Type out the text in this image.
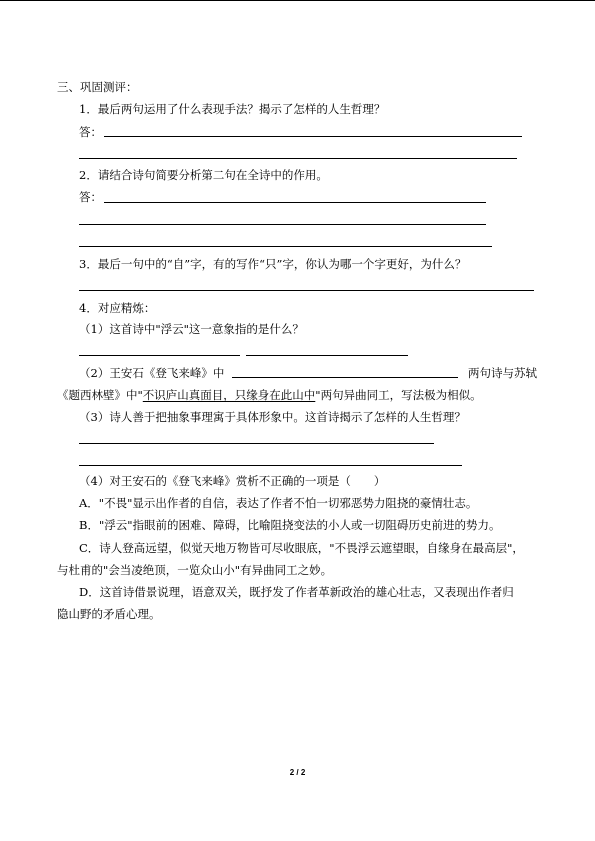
三、巩固测评：
1．最后两句运用了什么表现手法？揭示了怎样的人生哲理？
答：
2．请结合诗句简要分析第二句在全诗中的作用。
答：
3．最后一句中的“自”字，有的写作“只”字，你认为哪一个字更好，为什么？
4．对应精炼：
（1）这首诗中"浮云"这一意象指的是什么？
（2）王安石《登飞来峰》中	两句诗与苏轼
《题西林壁》中"不识庐山真面目，只缘身在此山中"两句异曲同工，写法极为相似。
（3）诗人善于把抽象事理寓于具体形象中。这首诗揭示了怎样的人生哲理？
（4）对王安石的《登飞来峰》赏析不正确的一项是（　　）
A．"不畏"显示出作者的自信，表达了作者不怕一切邪恶势力阻挠的豪情壮志。
B．"浮云"指眼前的困难、障碍，比喻阻挠变法的小人或一切阻碍历史前进的势力。
C．诗人登高远望，似觉天地万物皆可尽收眼底，"不畏浮云遮望眼，自缘身在最高层"，
与杜甫的"会当凌绝顶，一览众山小"有异曲同工之妙。
D．这首诗借景说理，语意双关，既抒发了作者革新政治的雄心壮志，又表现出作者归
隐山野的矛盾心理。
2 / 2
